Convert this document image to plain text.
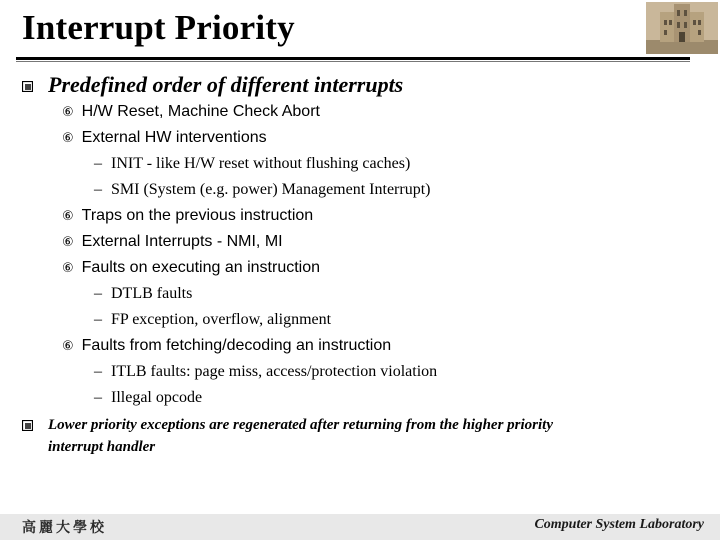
Interrupt Priority
Predefined order of different interrupts
⑥ H/W Reset, Machine Check Abort
⑥ External HW interventions
– INIT - like H/W reset without flushing caches)
– SMI (System (e.g. power) Management Interrupt)
⑥ Traps on the previous instruction
⑥ External Interrupts - NMI, MI
⑥ Faults on executing an instruction
– DTLB faults
– FP exception, overflow, alignment
⑥ Faults from fetching/decoding an instruction
– ITLB faults: page miss, access/protection violation
– Illegal opcode
Lower priority exceptions are regenerated after returning from the higher priority
interrupt handler
高麗大學校	Computer System Laboratory
